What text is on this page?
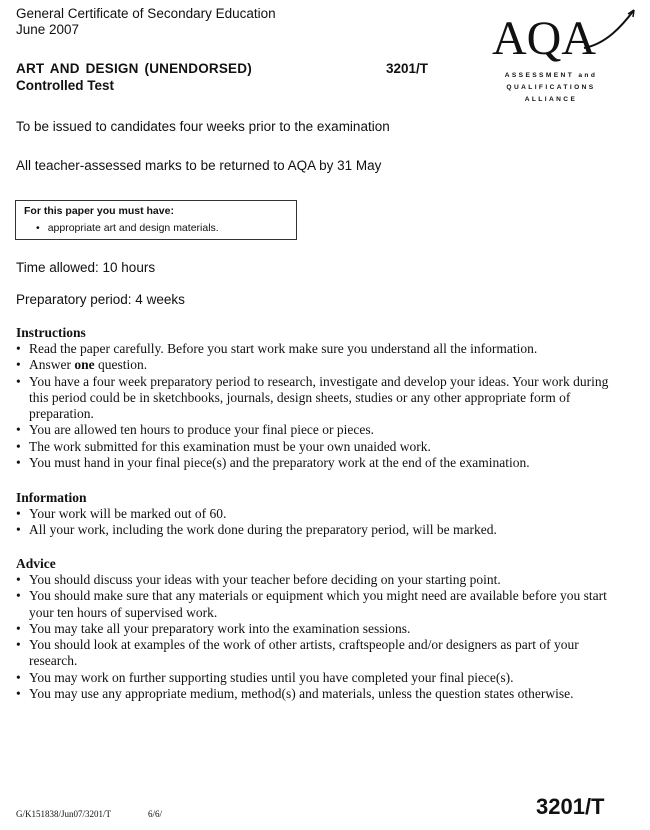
General Certificate of Secondary Education
June 2007
ART AND DESIGN (UNENDORSED)	3201/T
Controlled Test
AQA
ASSESSMENT and
QUALIFICATIONS
ALLIANCE
To be issued to candidates four weeks prior to the examination
All teacher-assessed marks to be returned to AQA by 31 May
For this paper you must have:
• appropriate art and design materials.
Time allowed: 10 hours
Preparatory period: 4 weeks
Instructions
• Read the paper carefully. Before you start work make sure you understand all the information.
• Answer one question.
• You have a four week preparatory period to research, investigate and develop your ideas. Your work during this period could be in sketchbooks, journals, design sheets, studies or any other appropriate form of preparation.
• You are allowed ten hours to produce your final piece or pieces.
• The work submitted for this examination must be your own unaided work.
• You must hand in your final piece(s) and the preparatory work at the end of the examination.
Information
• Your work will be marked out of 60.
• All your work, including the work done during the preparatory period, will be marked.
Advice
• You should discuss your ideas with your teacher before deciding on your starting point.
• You should make sure that any materials or equipment which you might need are available before you start your ten hours of supervised work.
• You may take all your preparatory work into the examination sessions.
• You should look at examples of the work of other artists, craftspeople and/or designers as part of your research.
• You may work on further supporting studies until you have completed your final piece(s).
• You may use any appropriate medium, method(s) and materials, unless the question states otherwise.
G/K151838/Jun07/3201/T	6/6/	3201/T
